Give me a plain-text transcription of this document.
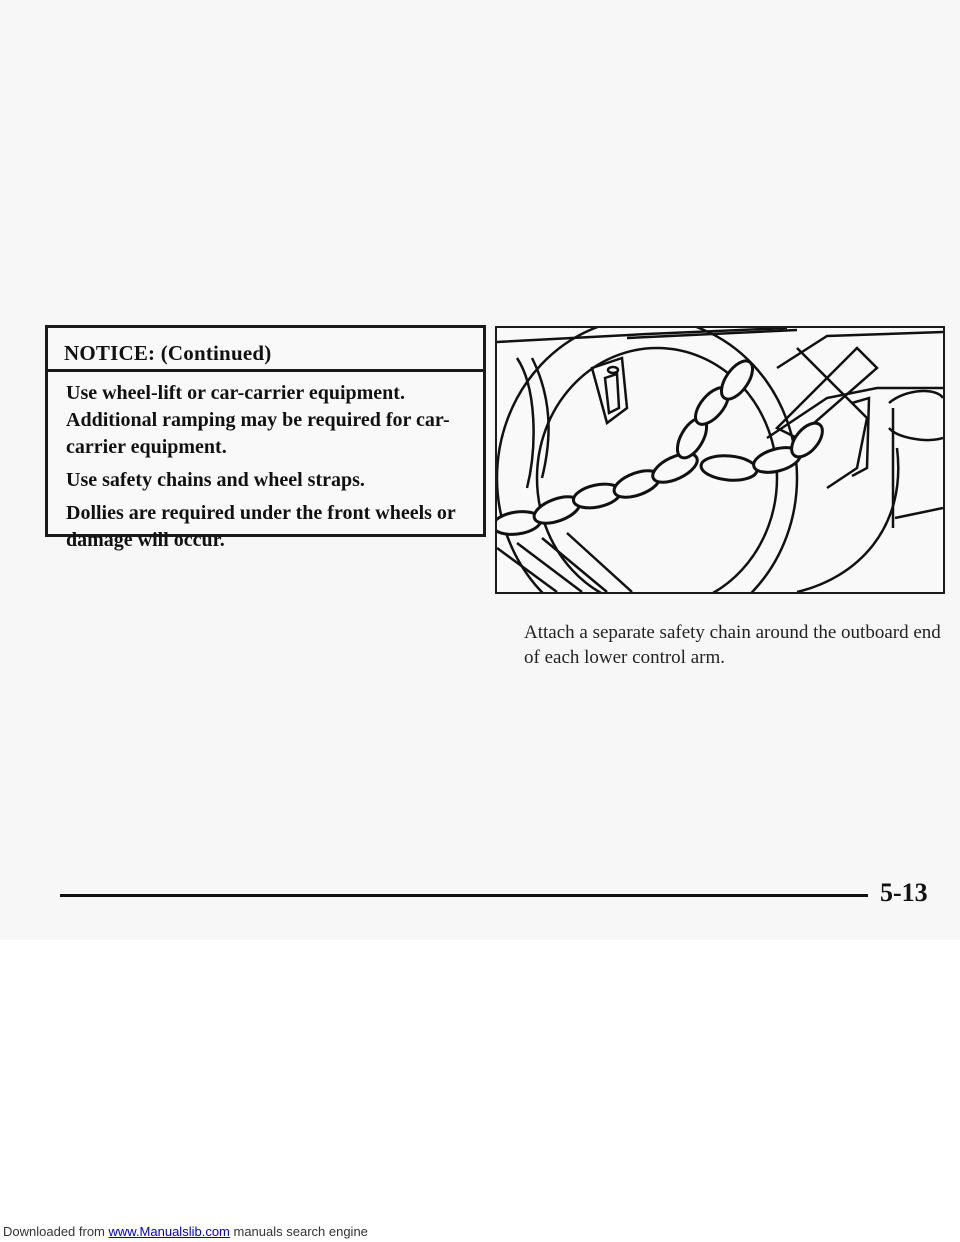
NOTICE: (Continued)

Use wheel-lift or car-carrier equipment. Additional ramping may be required for car-carrier equipment.

Use safety chains and wheel straps.

Dollies are required under the front wheels or damage will occur.

Attach a separate safety chain around the outboard end of each lower control arm.

5-13
Downloaded from www.Manualslib.com manuals search engine
